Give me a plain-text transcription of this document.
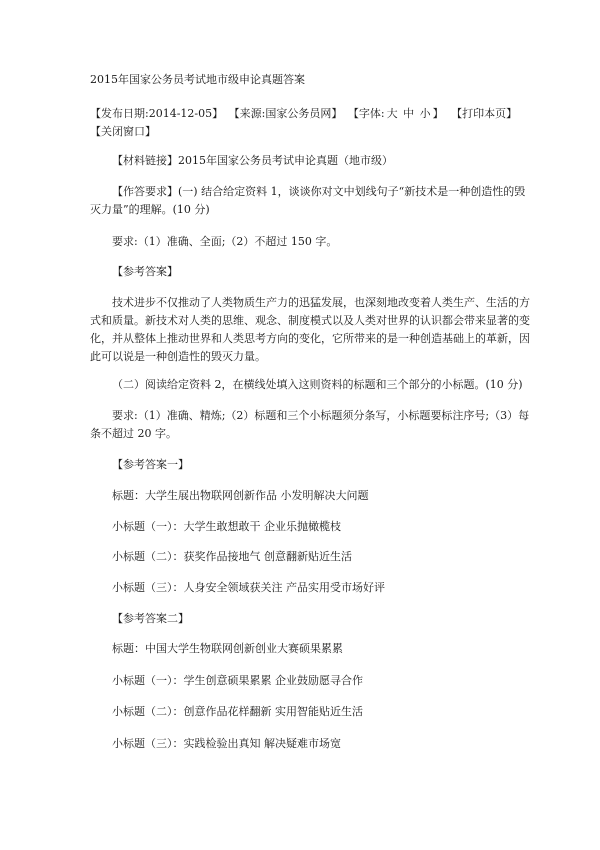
2015年国家公务员考试地市级申论真题答案

【发布日期:2014-12-05】 【来源:国家公务员网】 【字体: 大 中 小 】 【打印本页】 【关闭窗口】

【材料链接】2015年国家公务员考试申论真题（地市级）

【作答要求】(一) 结合给定资料 1，谈谈你对文中划线句子“新技术是一种创造性的毁灭力量”的理解。(10 分)

要求:（1）准确、全面;（2）不超过 150 字。

【参考答案】

技术进步不仅推动了人类物质生产力的迅猛发展，也深刻地改变着人类生产、生活的方式和质量。新技术对人类的思维、观念、制度模式以及人类对世界的认识都会带来显著的变化，并从整体上推动世界和人类思考方向的变化，它所带来的是一种创造基础上的革新，因此可以说是一种创造性的毁灭力量。

（二）阅读给定资料 2，在横线处填入这则资料的标题和三个部分的小标题。(10 分)

要求:（1）准确、精炼;（2）标题和三个小标题须分条写，小标题要标注序号;（3）每条不超过 20 字。

【参考答案一】

标题：大学生展出物联网创新作品 小发明解决大问题

小标题（一）：大学生敢想敢干 企业乐抛橄榄枝

小标题（二）：获奖作品接地气 创意翻新贴近生活

小标题（三）：人身安全领域获关注 产品实用受市场好评

【参考答案二】

标题：中国大学生物联网创新创业大赛硕果累累

小标题（一）：学生创意硕果累累 企业鼓励愿寻合作

小标题（二）：创意作品花样翻新 实用智能贴近生活

小标题（三）：实践检验出真知 解决疑难市场宽
